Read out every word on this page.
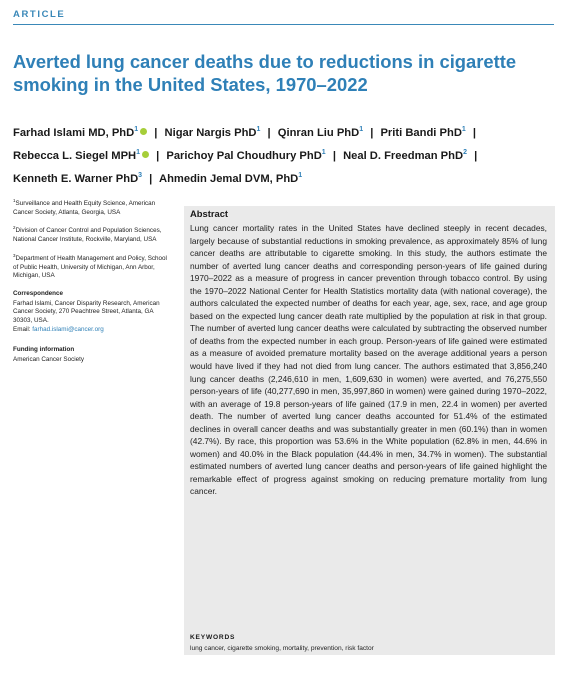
ARTICLE
Averted lung cancer deaths due to reductions in cigarette smoking in the United States, 1970–2022
Farhad Islami MD, PhD$^1$ | Nigar Nargis PhD$^1$ | Qinran Liu PhD$^1$ | Priti Bandi PhD$^1$ | Rebecca L. Siegel MPH$^1$ | Parichoy Pal Choudhury PhD$^1$ | Neal D. Freedman PhD$^2$ | Kenneth E. Warner PhD$^3$ | Ahmedin Jemal DVM, PhD$^1$
$^1$Surveillance and Health Equity Science, American Cancer Society, Atlanta, Georgia, USA
$^2$Division of Cancer Control and Population Sciences, National Cancer Institute, Rockville, Maryland, USA
$^3$Department of Health Management and Policy, School of Public Health, University of Michigan, Ann Arbor, Michigan, USA
Correspondence
Farhad Islami, Cancer Disparity Research, American Cancer Society, 270 Peachtree Street, Atlanta, GA 30303, USA.
Email: farhad.islami@cancer.org
Funding information
American Cancer Society
Abstract

Lung cancer mortality rates in the United States have declined steeply in recent decades, largely because of substantial reductions in smoking prevalence, as approximately 85% of lung cancer deaths are attributable to cigarette smoking. In this study, the authors estimate the number of averted lung cancer deaths and corresponding person-years of life gained during 1970–2022 as a measure of progress in cancer prevention through tobacco control. By using the 1970–2022 National Center for Health Statistics mortality data (with national coverage), the authors calculated the expected number of deaths for each year, age, sex, race, and age group based on the expected lung cancer death rate multiplied by the population at risk in that group. The number of averted lung cancer deaths were calculated by subtracting the observed number of deaths from the expected number in each group. Person-years of life gained were estimated as a measure of avoided premature mortality based on the average additional years a person would have lived if they had not died from lung cancer. The authors estimated that 3,856,240 lung cancer deaths (2,246,610 in men, 1,609,630 in women) were averted, and 76,275,550 person-years of life (40,277,690 in men, 35,997,860 in women) were gained during 1970–2022, with an average of 19.8 person-years of life gained (17.9 in men, 22.4 in women) per averted death. The number of averted lung cancer deaths accounted for 51.4% of the estimated declines in overall cancer deaths and was substantially greater in men (60.1%) than in women (42.7%). By race, this proportion was 53.6% in the White population (62.8% in men, 44.6% in women) and 40.0% in the Black population (44.4% in men, 34.7% in women). The substantial estimated numbers of averted lung cancer deaths and person-years of life gained highlight the remarkable effect of progress against smoking on reducing premature mortality from lung cancer.

KEYWORDS
lung cancer, cigarette smoking, mortality, prevention, risk factor
